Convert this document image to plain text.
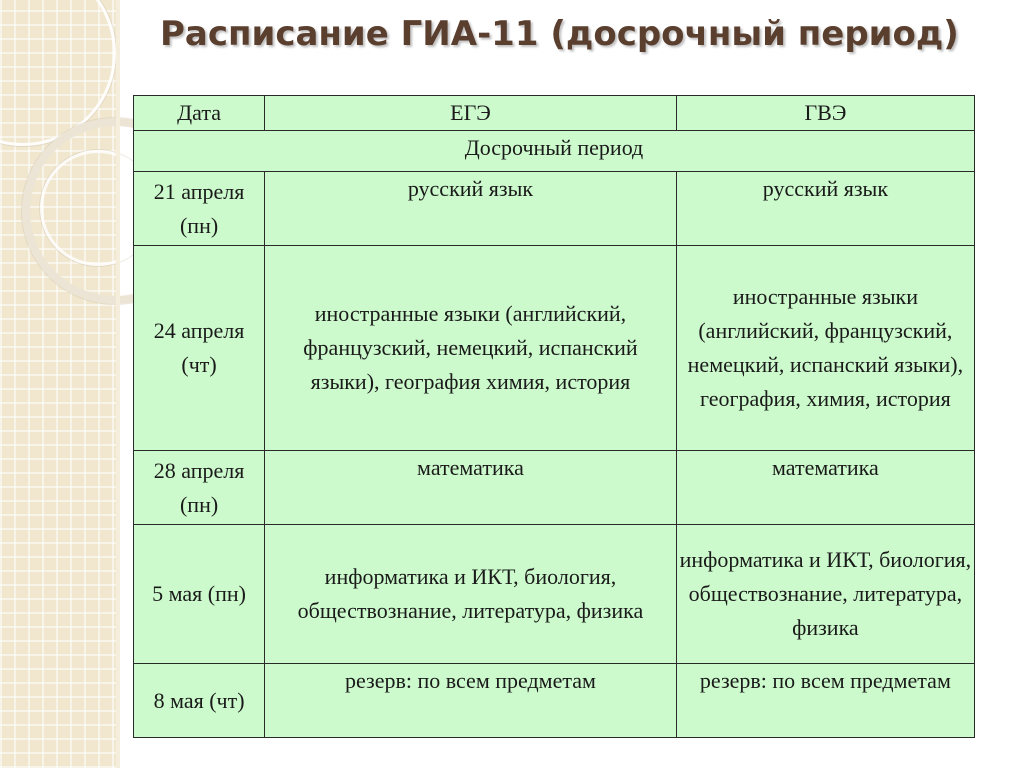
Расписание ГИА-11 (досрочный период)
Дата	ЕГЭ	ГВЭ
Досрочный период		
21 апреля (пн)	русский язык	русский язык
24 апреля (чт)	иностранные языки (английский, французский, немецкий, испанский языки), география химия, история	иностранные языки (английский, французский, немецкий, испанский языки), география, химия, история
28 апреля (пн)	математика	математика
5 мая (пн)	информатика и ИКТ, биология, обществознание, литература, физика	информатика и ИКТ, биология, обществознание, литература, физика
8 мая (чт)	резерв: по всем предметам	резерв: по всем предметам
